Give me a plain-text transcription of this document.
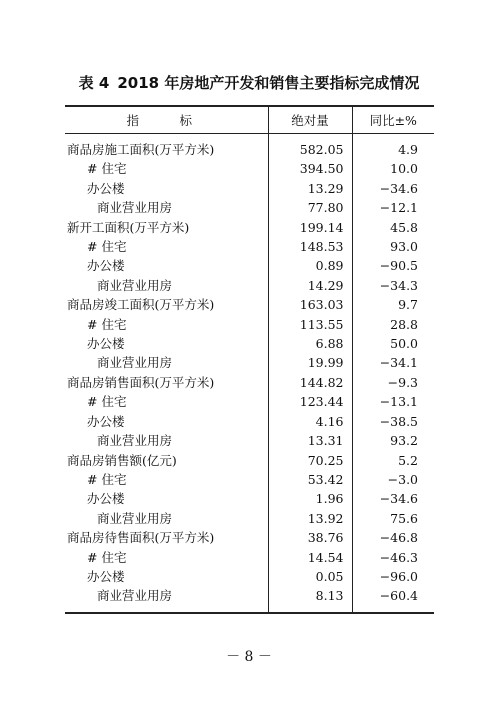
表 4 2018 年房地产开发和销售主要指标完成情况
指　标	绝对量	同比±%

商品房施工面积(万平方米)	582.05	4.9
# 住宅	394.50	10.0
办公楼	13.29	−34.6
商业营业用房	77.80	−12.1
新开工面积(万平方米)	199.14	45.8
# 住宅	148.53	93.0
办公楼	0.89	−90.5
商业营业用房	14.29	−34.3
商品房竣工面积(万平方米)	163.03	9.7
# 住宅	113.55	28.8
办公楼	6.88	50.0
商业营业用房	19.99	−34.1
商品房销售面积(万平方米)	144.82	−9.3
# 住宅	123.44	−13.1
办公楼	4.16	−38.5
商业营业用房	13.31	93.2
商品房销售额(亿元)	70.25	5.2
# 住宅	53.42	−3.0
办公楼	1.96	−34.6
商业营业用房	13.92	75.6
商品房待售面积(万平方米)	38.76	−46.8
# 住宅	14.54	−46.3
办公楼	0.05	−96.0
商业营业用房	8.13	−60.4

－ 8 －
